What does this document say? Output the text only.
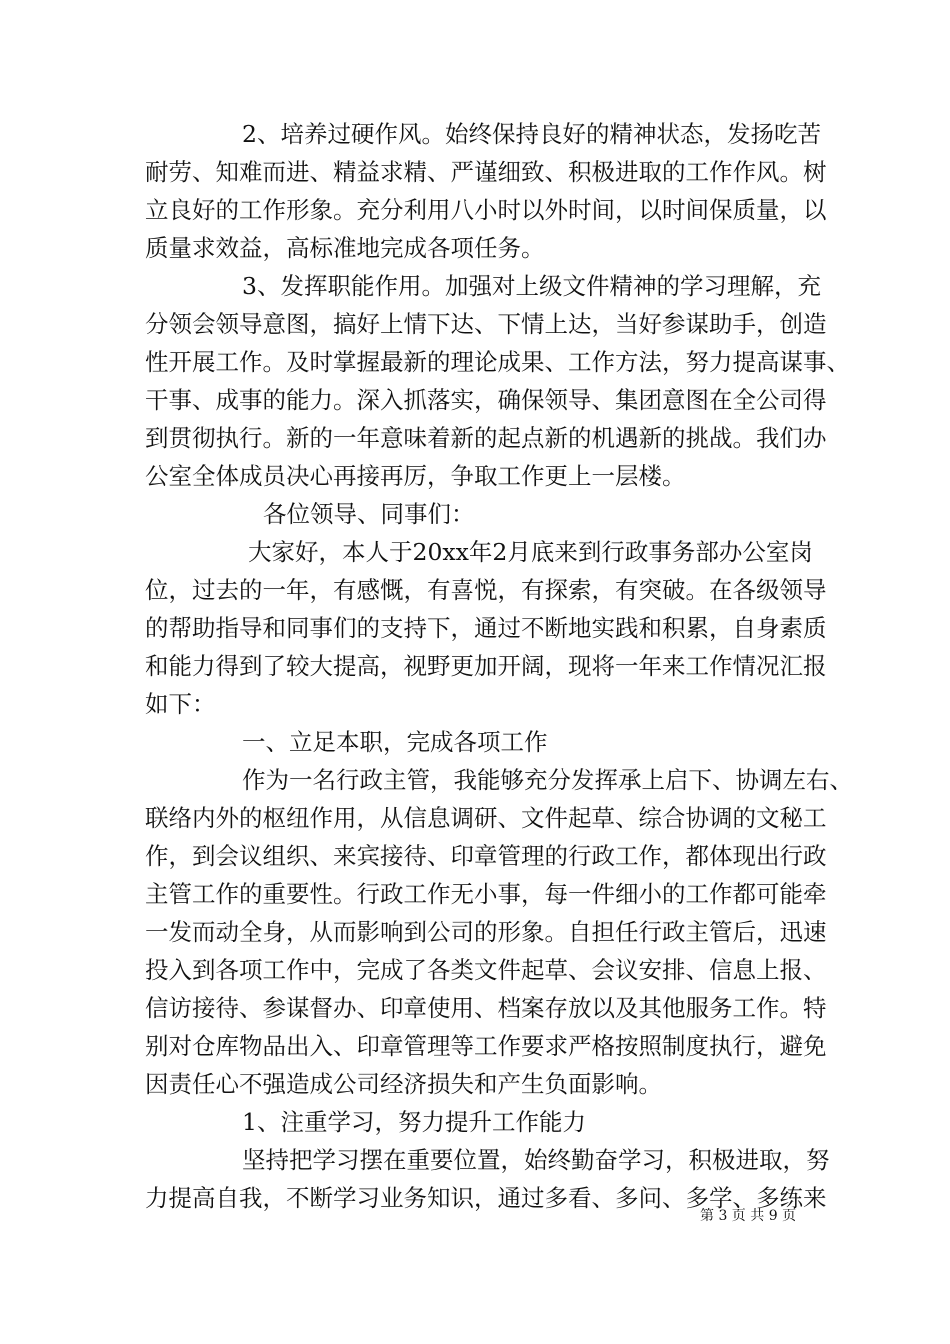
2、培养过硬作风。始终保持良好的精神状态，发扬吃苦
耐劳、知难而进、精益求精、严谨细致、积极进取的工作作风。树
立良好的工作形象。充分利用八小时以外时间，以时间保质量，以
质量求效益，高标准地完成各项任务。
3、发挥职能作用。加强对上级文件精神的学习理解，充
分领会领导意图，搞好上情下达、下情上达，当好参谋助手，创造
性开展工作。及时掌握最新的理论成果、工作方法，努力提高谋事、
干事、成事的能力。深入抓落实，确保领导、集团意图在全公司得
到贯彻执行。新的一年意味着新的起点新的机遇新的挑战。我们办
公室全体成员决心再接再厉，争取工作更上一层楼。
各位领导、同事们：
大家好，本人于20xx年2月底来到行政事务部办公室岗
位，过去的一年，有感慨，有喜悦，有探索，有突破。在各级领导
的帮助指导和同事们的支持下，通过不断地实践和积累，自身素质
和能力得到了较大提高，视野更加开阔，现将一年来工作情况汇报
如下：
一、立足本职，完成各项工作
作为一名行政主管，我能够充分发挥承上启下、协调左右、
联络内外的枢纽作用，从信息调研、文件起草、综合协调的文秘工
作，到会议组织、来宾接待、印章管理的行政工作，都体现出行政
主管工作的重要性。行政工作无小事，每一件细小的工作都可能牵
一发而动全身，从而影响到公司的形象。自担任行政主管后，迅速
投入到各项工作中，完成了各类文件起草、会议安排、信息上报、
信访接待、参谋督办、印章使用、档案存放以及其他服务工作。特
别对仓库物品出入、印章管理等工作要求严格按照制度执行，避免
因责任心不强造成公司经济损失和产生负面影响。
1、注重学习，努力提升工作能力
坚持把学习摆在重要位置，始终勤奋学习，积极进取，努
力提高自我，不断学习业务知识，通过多看、多问、多学、多练来
第 3 页 共 9 页
